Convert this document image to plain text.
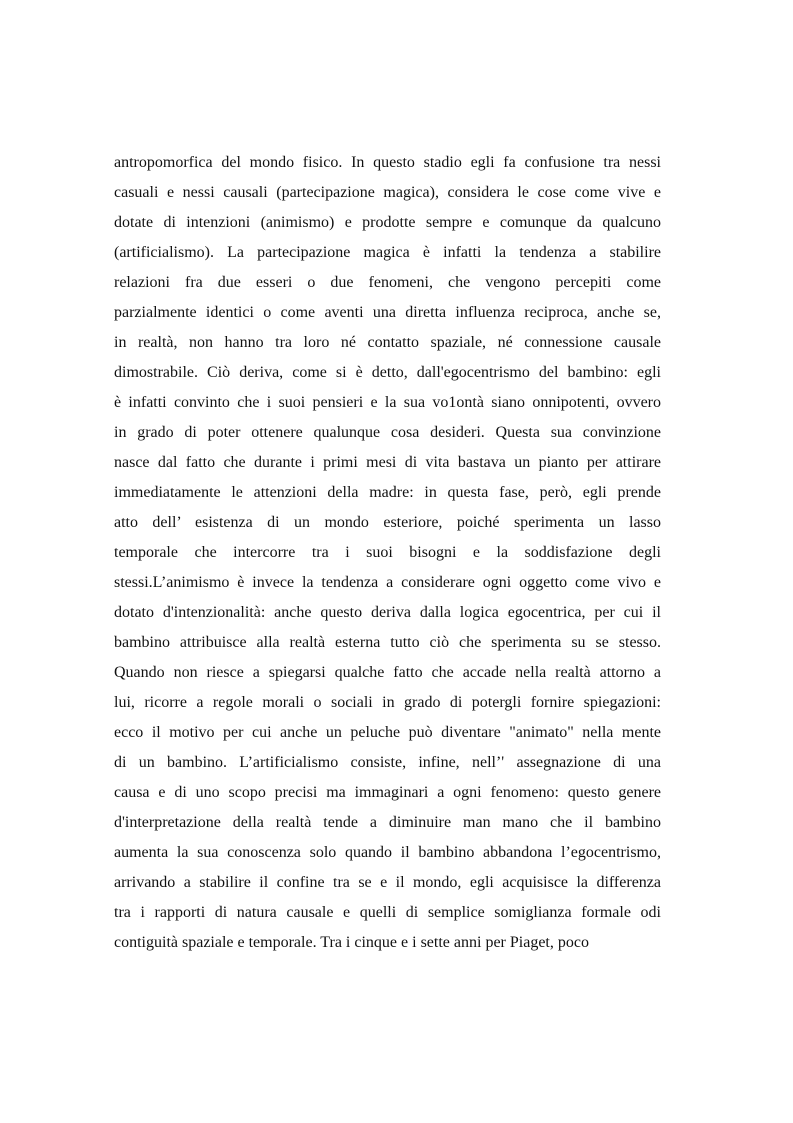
antropomorfica del mondo fisico. In questo stadio egli fa confusione tra nessi
casuali e nessi causali (partecipazione magica), considera le cose come vive e
dotate di intenzioni (animismo) e prodotte sempre e comunque da qualcuno
(artificialismo). La partecipazione magica è infatti la tendenza a stabilire
relazioni fra due esseri o due fenomeni, che vengono percepiti come
parzialmente identici o come aventi una diretta influenza reciproca, anche se,
in realtà, non hanno tra loro né contatto spaziale, né connessione causale
dimostrabile. Ciò deriva, come si è detto, dall'egocentrismo del bambino: egli
è infatti convinto che i suoi pensieri e la sua vo1ontà siano onnipotenti, ovvero
in grado di poter ottenere qualunque cosa desideri. Questa sua convinzione
nasce dal fatto che durante i primi mesi di vita bastava un pianto per attirare
immediatamente le attenzioni della madre: in questa fase, però, egli prende
atto dell’ esistenza di un mondo esteriore, poiché sperimenta un lasso
temporale che intercorre tra i suoi bisogni e la soddisfazione degli
stessi.L’animismo è invece la tendenza a considerare ogni oggetto come vivo e
dotato d'intenzionalità: anche questo deriva dalla logica egocentrica, per cui il
bambino attribuisce alla realtà esterna tutto ciò che sperimenta su se stesso.
Quando non riesce a spiegarsi qualche fatto che accade nella realtà attorno a
lui, ricorre a regole morali o sociali in grado di potergli fornire spiegazioni:
ecco il motivo per cui anche un peluche può diventare "animato" nella mente
di un bambino. L’artificialismo consiste, infine, nell’' assegnazione di una
causa e di uno scopo precisi ma immaginari a ogni fenomeno: questo genere
d'interpretazione della realtà tende a diminuire man mano che il bambino
aumenta la sua conoscenza solo quando il bambino abbandona l’egocentrismo,
arrivando a stabilire il confine tra se e il mondo, egli acquisisce la differenza
tra i rapporti di natura causale e quelli di semplice somiglianza formale odi
contiguità spaziale e temporale. Tra i cinque e i sette anni per Piaget, poco
